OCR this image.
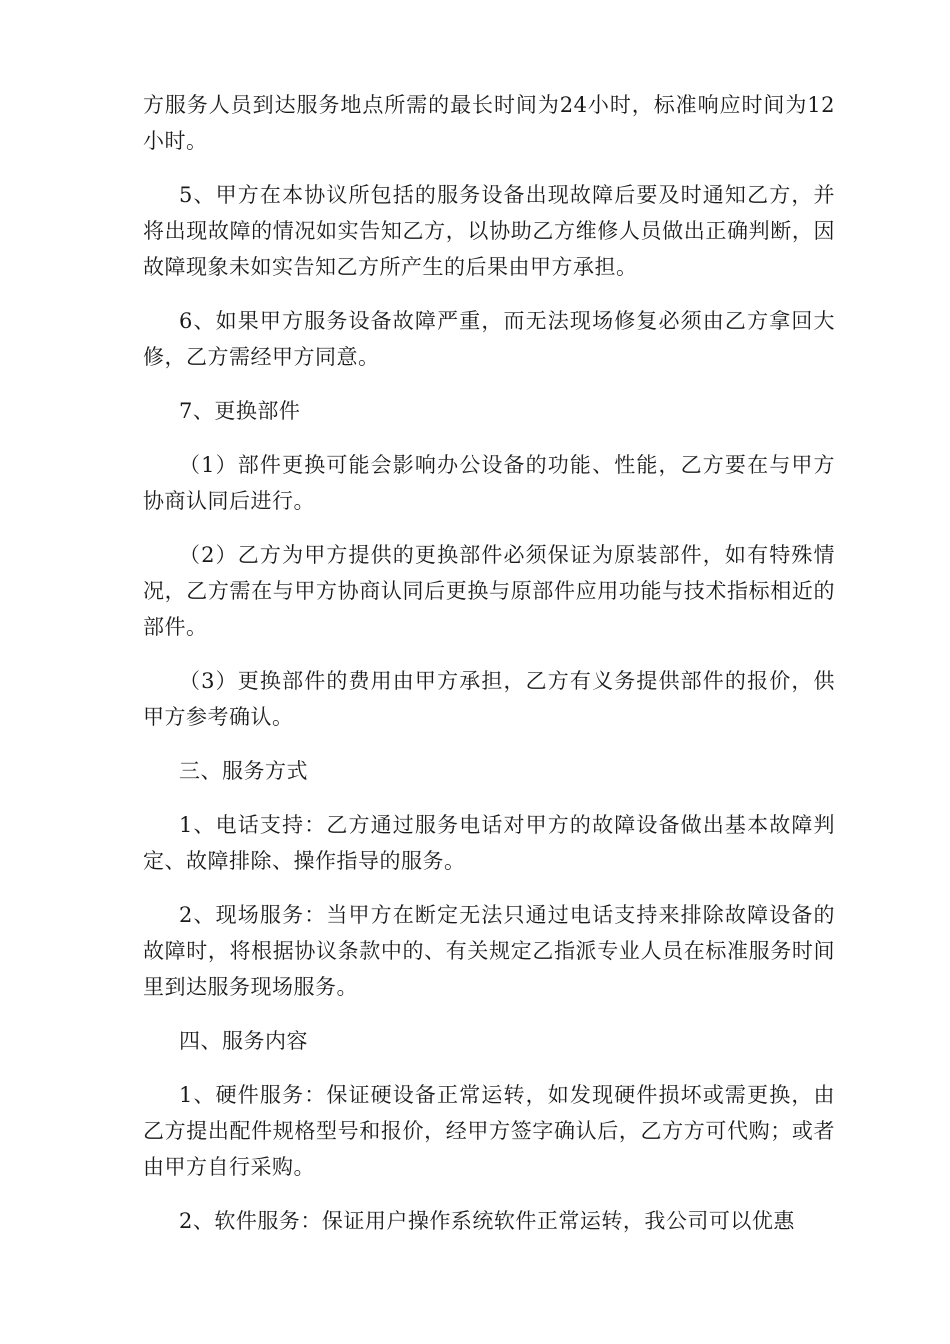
方服务人员到达服务地点所需的最长时间为24小时，标准响应时间为12小时。

5、甲方在本协议所包括的服务设备出现故障后要及时通知乙方，并将出现故障的情况如实告知乙方，以协助乙方维修人员做出正确判断，因故障现象未如实告知乙方所产生的后果由甲方承担。

6、如果甲方服务设备故障严重，而无法现场修复必须由乙方拿回大修，乙方需经甲方同意。

7、更换部件

（1）部件更换可能会影响办公设备的功能、性能，乙方要在与甲方协商认同后进行。

（2）乙方为甲方提供的更换部件必须保证为原装部件，如有特殊情况，乙方需在与甲方协商认同后更换与原部件应用功能与技术指标相近的部件。

（3）更换部件的费用由甲方承担，乙方有义务提供部件的报价，供甲方参考确认。

三、服务方式

1、电话支持：乙方通过服务电话对甲方的故障设备做出基本故障判定、故障排除、操作指导的服务。

2、现场服务：当甲方在断定无法只通过电话支持来排除故障设备的故障时，将根据协议条款中的、有关规定乙指派专业人员在标准服务时间里到达服务现场服务。

四、服务内容

1、硬件服务：保证硬设备正常运转，如发现硬件损坏或需更换，由乙方提出配件规格型号和报价，经甲方签字确认后，乙方方可代购；或者由甲方自行采购。

2、软件服务：保证用户操作系统软件正常运转，我公司可以优惠
